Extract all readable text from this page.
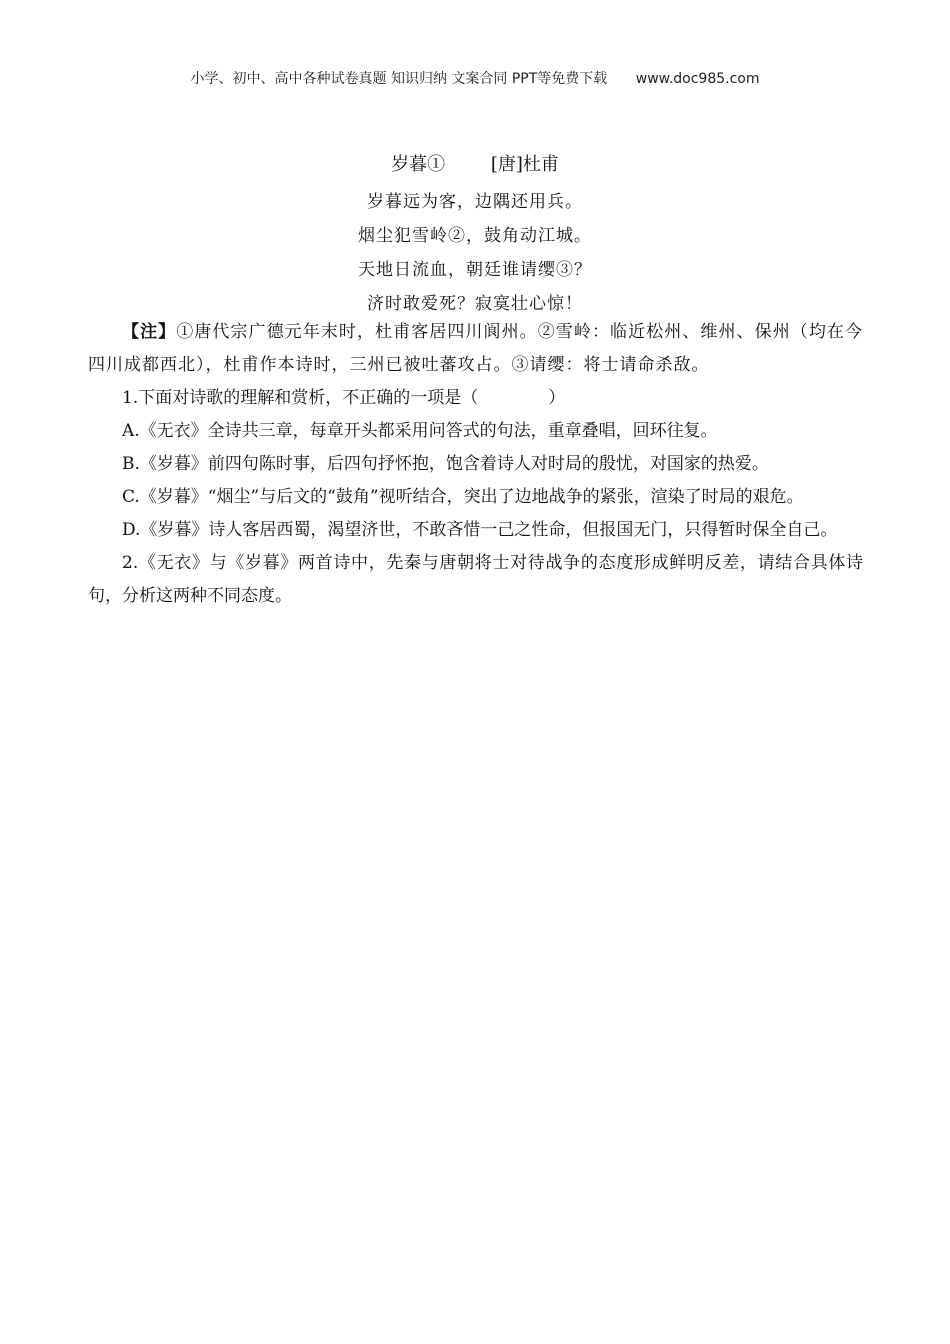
小学、初中、高中各种试卷真题 知识归纳 文案合同 PPT等免费下载 www.doc985.com
岁暮①	[唐]杜甫
岁暮远为客，边隅还用兵。
烟尘犯雪岭②，鼓角动江城。
天地日流血，朝廷谁请缨③？
济时敢爱死？寂寞壮心惊！

【注】①唐代宗广德元年末时，杜甫客居四川阆州。②雪岭：临近松州、维州、保州（均在今四川成都西北），杜甫作本诗时，三州已被吐蕃攻占。③请缨：将士请命杀敌。

1.下面对诗歌的理解和赏析，不正确的一项是（	）

A.《无衣》全诗共三章，每章开头都采用问答式的句法，重章叠唱，回环往复。

B.《岁暮》前四句陈时事，后四句抒怀抱，饱含着诗人对时局的殷忧，对国家的热爱。

C.《岁暮》“烟尘”与后文的“鼓角”视听结合，突出了边地战争的紧张，渲染了时局的艰危。

D.《岁暮》诗人客居西蜀，渴望济世，不敢吝惜一己之性命，但报国无门，只得暂时保全自己。

2.《无衣》与《岁暮》两首诗中，先秦与唐朝将士对待战争的态度形成鲜明反差，请结合具体诗句，分析这两种不同态度。
